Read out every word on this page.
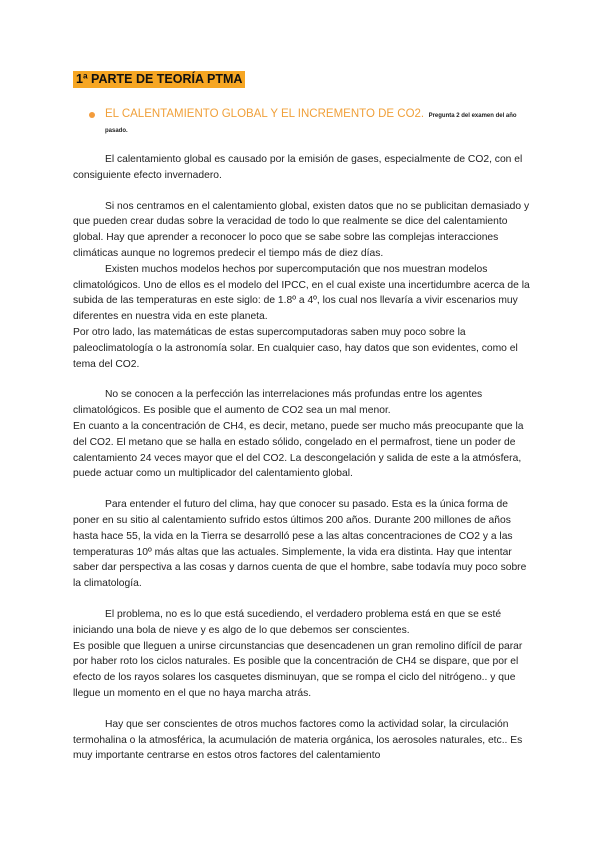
1ª PARTE DE TEORÍA PTMA
EL CALENTAMIENTO GLOBAL Y EL INCREMENTO DE CO2. Pregunta 2 del examen del año pasado.

El calentamiento global es causado por la emisión de gases, especialmente de CO2, con el consiguiente efecto invernadero.

Si nos centramos en el calentamiento global, existen datos que no se publicitan demasiado y que pueden crear dudas sobre la veracidad de todo lo que realmente se dice del calentamiento global. Hay que aprender a reconocer lo poco que se sabe sobre las complejas interacciones climáticas aunque no logremos predecir el tiempo más de diez días.

Existen muchos modelos hechos por supercomputación que nos muestran modelos climatológicos. Uno de ellos es el modelo del IPCC, en el cual existe una incertidumbre acerca de la subida de las temperaturas en este siglo: de 1.8º a 4º, los cual nos llevaría a vivir escenarios muy diferentes en nuestra vida en este planeta.

Por otro lado, las matemáticas de estas supercomputadoras saben muy poco sobre la paleoclimatología o la astronomía solar. En cualquier caso, hay datos que son evidentes, como el tema del CO2.

No se conocen a la perfección las interrelaciones más profundas entre los agentes climatológicos. Es posible que el aumento de CO2 sea un mal menor.

En cuanto a la concentración de CH4, es decir, metano, puede ser mucho más preocupante que la del CO2. El metano que se halla en estado sólido, congelado en el permafrost, tiene un poder de calentamiento 24 veces mayor que el del CO2. La descongelación y salida de este a la atmósfera, puede actuar como un multiplicador del calentamiento global.

Para entender el futuro del clima, hay que conocer su pasado. Esta es la única forma de poner en su sitio al calentamiento sufrido estos últimos 200 años. Durante 200 millones de años hasta hace 55, la vida en la Tierra se desarrolló pese a las altas concentraciones de CO2 y a las temperaturas 10º más altas que las actuales. Simplemente, la vida era distinta. Hay que intentar saber dar perspectiva a las cosas y darnos cuenta de que el hombre, sabe todavía muy poco sobre la climatología.

El problema, no es lo que está sucediendo, el verdadero problema está en que se esté iniciando una bola de nieve y es algo de lo que debemos ser conscientes.

Es posible que lleguen a unirse circunstancias que desencadenen un gran remolino difícil de parar por haber roto los ciclos naturales. Es posible que la concentración de CH4 se dispare, que por el efecto de los rayos solares los casquetes disminuyan, que se rompa el ciclo del nitrógeno.. y que llegue un momento en el que no haya marcha atrás.

Hay que ser conscientes de otros muchos factores como la actividad solar, la circulación termohalina o la atmosférica, la acumulación de materia orgánica, los aerosoles naturales, etc.. Es muy importante centrarse en estos otros factores del calentamiento
